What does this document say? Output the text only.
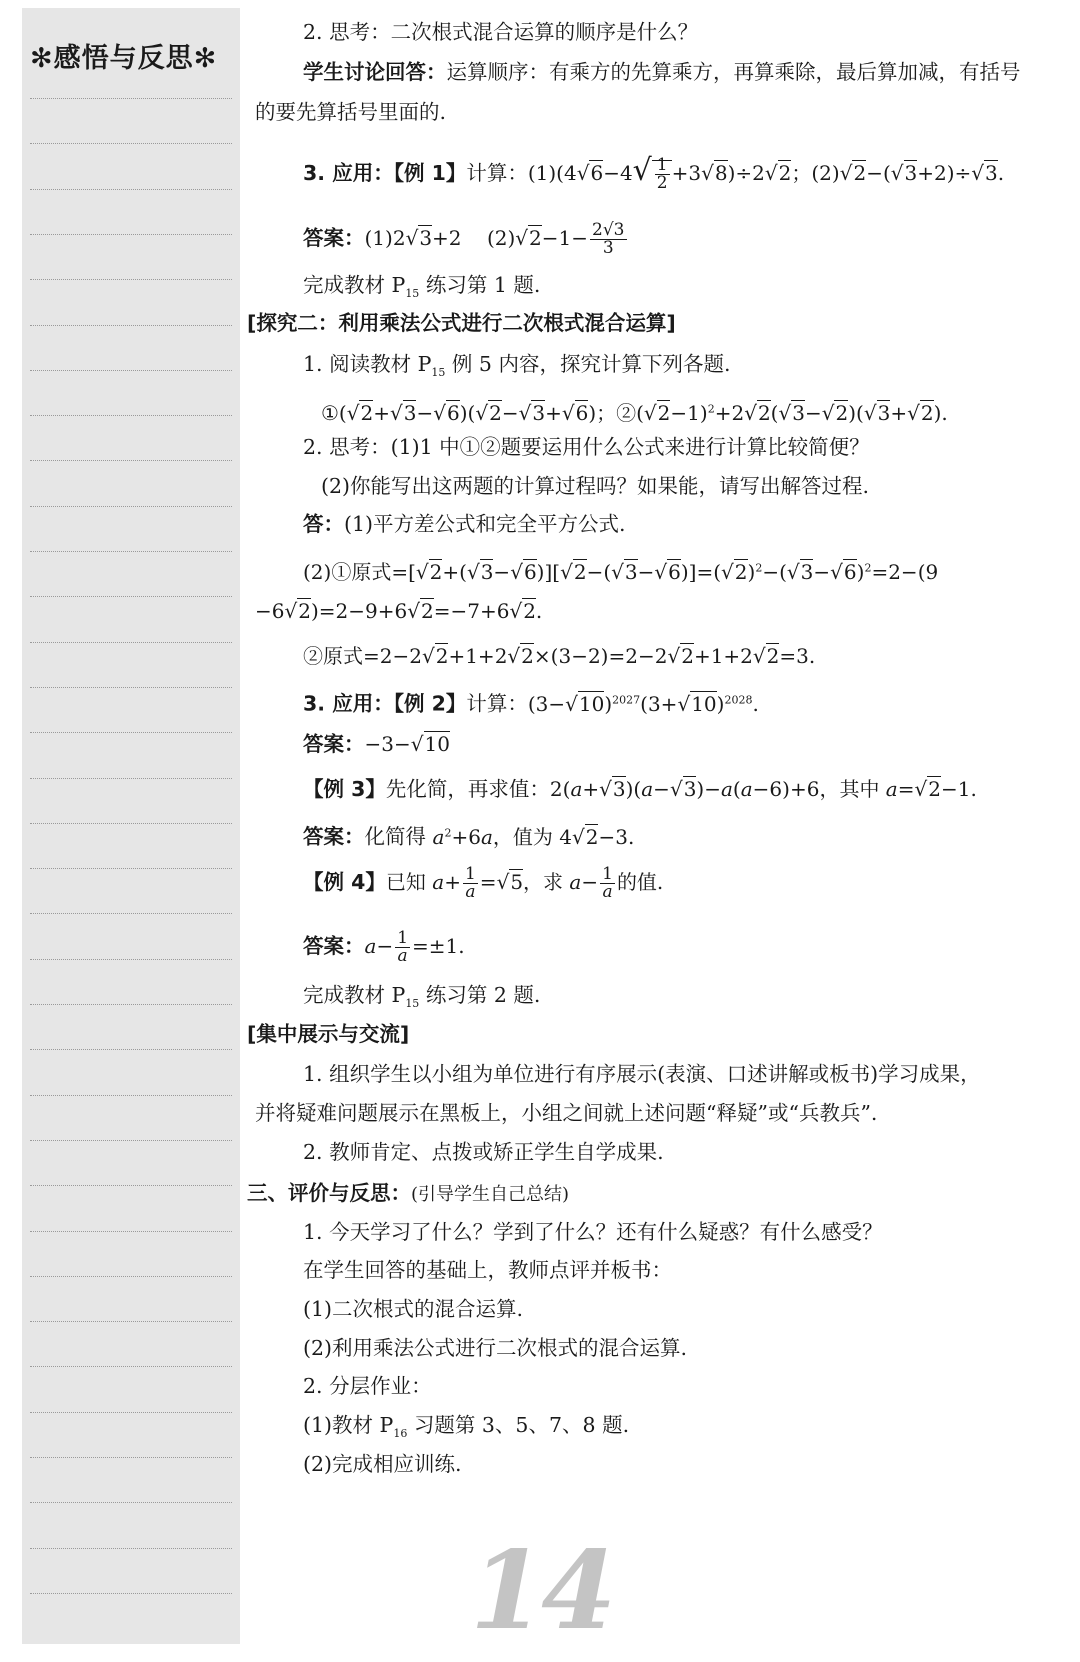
✻感悟与反思✻
2. 思考：二次根式混合运算的顺序是什么？
学生讨论回答：运算顺序：有乘方的先算乘方，再算乘除，最后算加减，有括号
的要先算括号里面的.
3. 应用：【例 1】计算：$(1)(4√6-4√ \frac{1}{2} +3√8)\div 2√2$；(2)√2−(√3+2)÷√3.
答案：(1)2√3+2    $(2)√2-1- \frac{2√3}{3}$
完成教材 $P_{15}$ 练习第 1 题.
[探究二：利用乘法公式进行二次根式混合运算]
1. 阅读教材 $P_{15}$ 例 5 内容，探究计算下列各题.
①(√2+√3−√6)(√2−√3+√6)；$②(√2-1)^2+2√2(√3-√2)(√3+√2)$.
2. 思考：(1)1 中①②题要运用什么公式来进行计算比较简便？
(2)你能写出这两题的计算过程吗？如果能，请写出解答过程.
答：(1)平方差公式和完全平方公式.
(2)①原式$=[√2+(√3-√6)][√2-(√3-√6)]=(√2)^2-(√3-√6)^2=2-(9$
−6√2)=2−9+6√2=−7+6√2.
②原式=2−2√2+1+2√2×(3−2)=2−2√2+1+2√2=3.
3. 应用：【例 2】计算：$(3-√10)^{2027}(3+√10)^{2028}$.
答案：−3−√10
【例 3】先化简，再求值：2(a+√3)(a−√3)−a(a−6)+6，其中 a=√2−1.
答案：化简得 $a^2+6a$，值为 4√2−3.
【例 4】已知 $a+ \frac{1}{a} =√5$，求 $a- \frac{1}{a}$ 的值.
答案：$a- \frac{1}{a} =\pm 1$.
完成教材 $P_{15}$ 练习第 2 题.
[集中展示与交流]
1. 组织学生以小组为单位进行有序展示(表演、口述讲解或板书)学习成果，
并将疑难问题展示在黑板上，小组之间就上述问题“释疑”或“兵教兵”.
2. 教师肯定、点拨或矫正学生自学成果.
三、评价与反思：(引导学生自己总结)
1. 今天学习了什么？学到了什么？还有什么疑惑？有什么感受？
在学生回答的基础上，教师点评并板书：
(1)二次根式的混合运算.
(2)利用乘法公式进行二次根式的混合运算.
2. 分层作业：
(1)教材 $P_{16}$ 习题第 3、5、7、8 题.
(2)完成相应训练.
14
